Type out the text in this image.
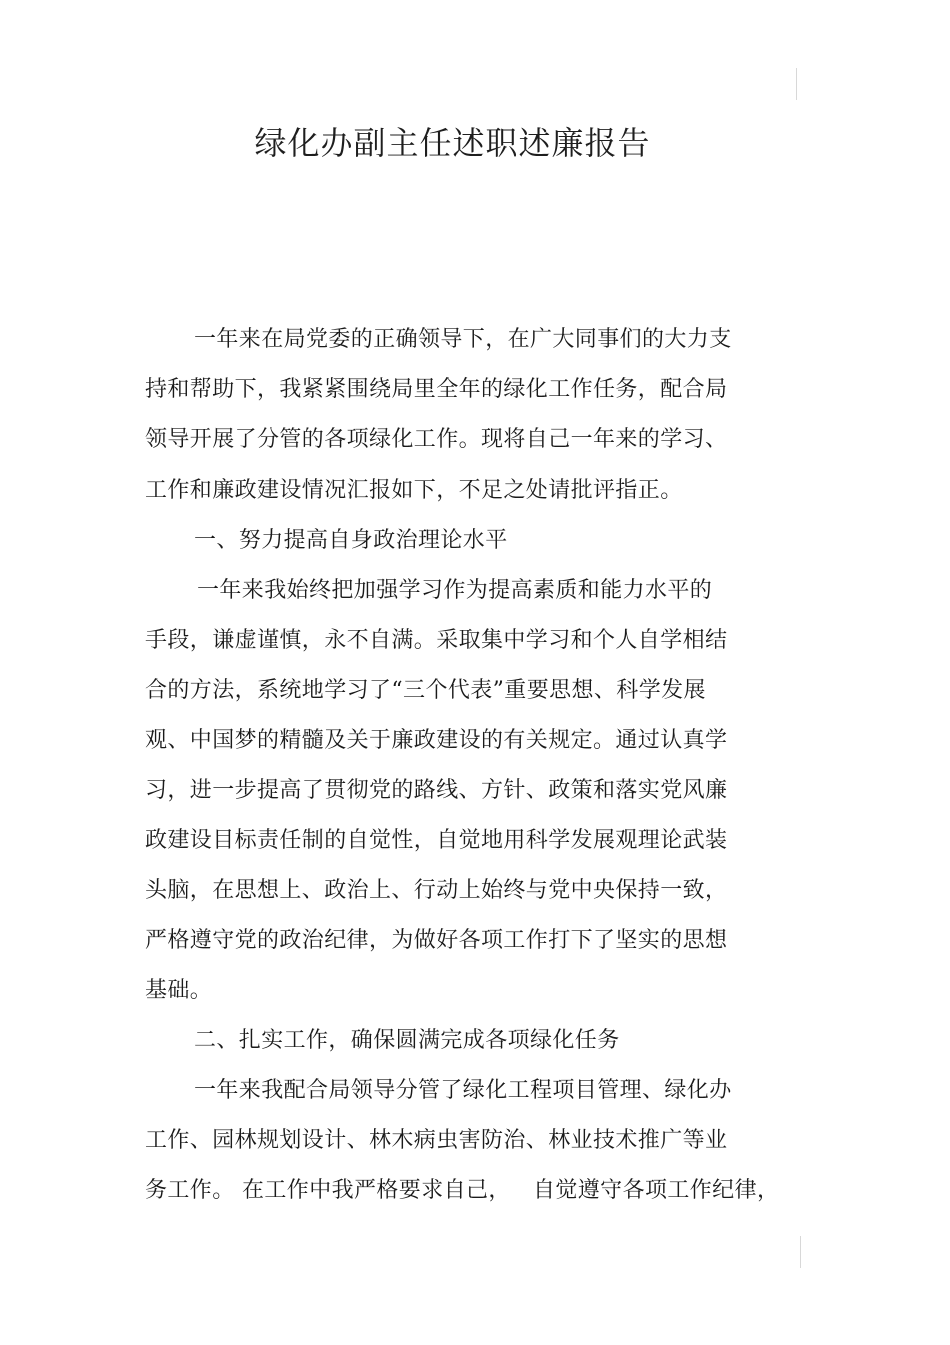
绿化办副主任述职述廉报告
一年来在局党委的正确领导下，在广大同事们的大力支
持和帮助下，我紧紧围绕局里全年的绿化工作任务，配合局
领导开展了分管的各项绿化工作。现将自己一年来的学习、
工作和廉政建设情况汇报如下，不足之处请批评指正。
一、努力提高自身政治理论水平
一年来我始终把加强学习作为提高素质和能力水平的
手段，谦虚谨慎，永不自满。采取集中学习和个人自学相结
合的方法，系统地学习了“三个代表”重要思想、科学发展
观、中国梦的精髓及关于廉政建设的有关规定。通过认真学
习，进一步提高了贯彻党的路线、方针、政策和落实党风廉
政建设目标责任制的自觉性，自觉地用科学发展观理论武装
头脑，在思想上、政治上、行动上始终与党中央保持一致，
严格遵守党的政治纪律，为做好各项工作打下了坚实的思想
基础。
二、扎实工作，确保圆满完成各项绿化任务
一年来我配合局领导分管了绿化工程项目管理、绿化办
工作、园林规划设计、林木病虫害防治、林业技术推广等业
务工作。 在工作中我严格要求自己，   自觉遵守各项工作纪律，
